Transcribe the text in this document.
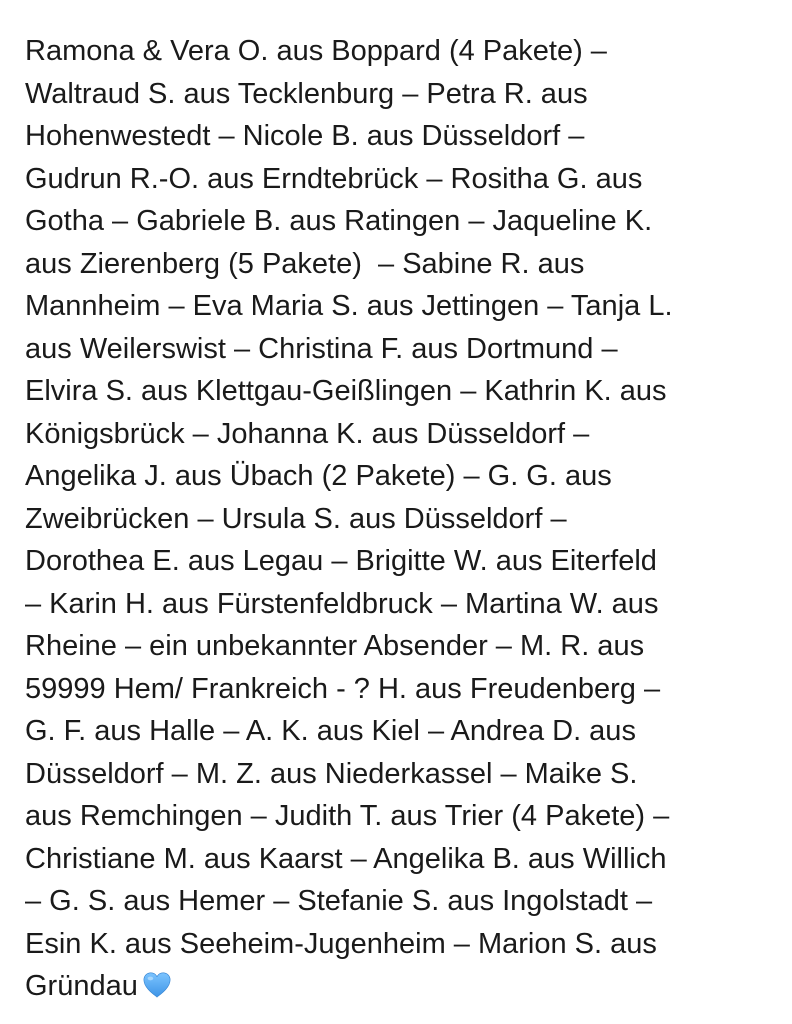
Ramona & Vera O. aus Boppard (4 Pakete) –
Waltraud S. aus Tecklenburg – Petra R. aus
Hohenwestedt – Nicole B. aus Düsseldorf –
Gudrun R.-O. aus Erndtebrück – Rositha G. aus
Gotha – Gabriele B. aus Ratingen – Jaqueline K.
aus Zierenberg (5 Pakete)  – Sabine R. aus
Mannheim – Eva Maria S. aus Jettingen – Tanja L.
aus Weilerswist – Christina F. aus Dortmund –
Elvira S. aus Klettgau-Geißlingen – Kathrin K. aus
Königsbrück – Johanna K. aus Düsseldorf –
Angelika J. aus Übach (2 Pakete) – G. G. aus
Zweibrücken – Ursula S. aus Düsseldorf –
Dorothea E. aus Legau – Brigitte W. aus Eiterfeld
– Karin H. aus Fürstenfeldbruck – Martina W. aus
Rheine – ein unbekannter Absender – M. R. aus
59999 Hem/ Frankreich - ? H. aus Freudenberg –
G. F. aus Halle – A. K. aus Kiel – Andrea D. aus
Düsseldorf – M. Z. aus Niederkassel – Maike S.
aus Remchingen – Judith T. aus Trier (4 Pakete) –
Christiane M. aus Kaarst – Angelika B. aus Willich
– G. S. aus Hemer – Stefanie S. aus Ingolstadt –
Esin K. aus Seeheim-Jugenheim – Marion S. aus
Gründau
